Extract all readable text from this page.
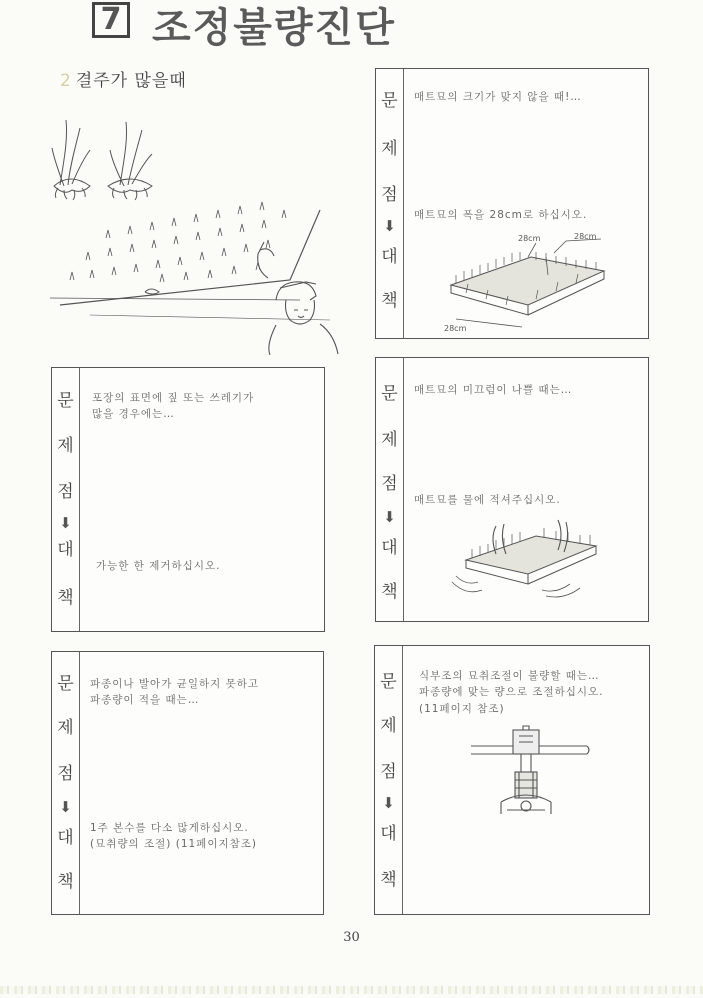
7 조정불량진단
2 결주가 많을때
문
제
점
⬇
대
책
매트묘의 크기가 맞지 않을 때!…
매트묘의 폭을 28cm로 하십시오.
28cm	28cm
28cm
문
제
점
⬇
대
책
포장의 표면에 짚 또는 쓰레기가
많을 경우에는…
가능한 한 제거하십시오.
문
제
점
⬇
대
책
매트묘의 미끄럼이 나쁠 때는…
매트묘를 물에 적셔주십시오.
문
제
점
⬇
대
책
파종이나 발아가 균일하지 못하고
파종량이 적을 때는…
1주 본수를 다소 많게하십시오.
(묘취량의 조절) (11페이지참조)
문
제
점
⬇
대
책
식부조의 묘취조절이 불량할 때는…
파종량에 맞는 량으로 조절하십시오.
(11페이지 참조)
30
